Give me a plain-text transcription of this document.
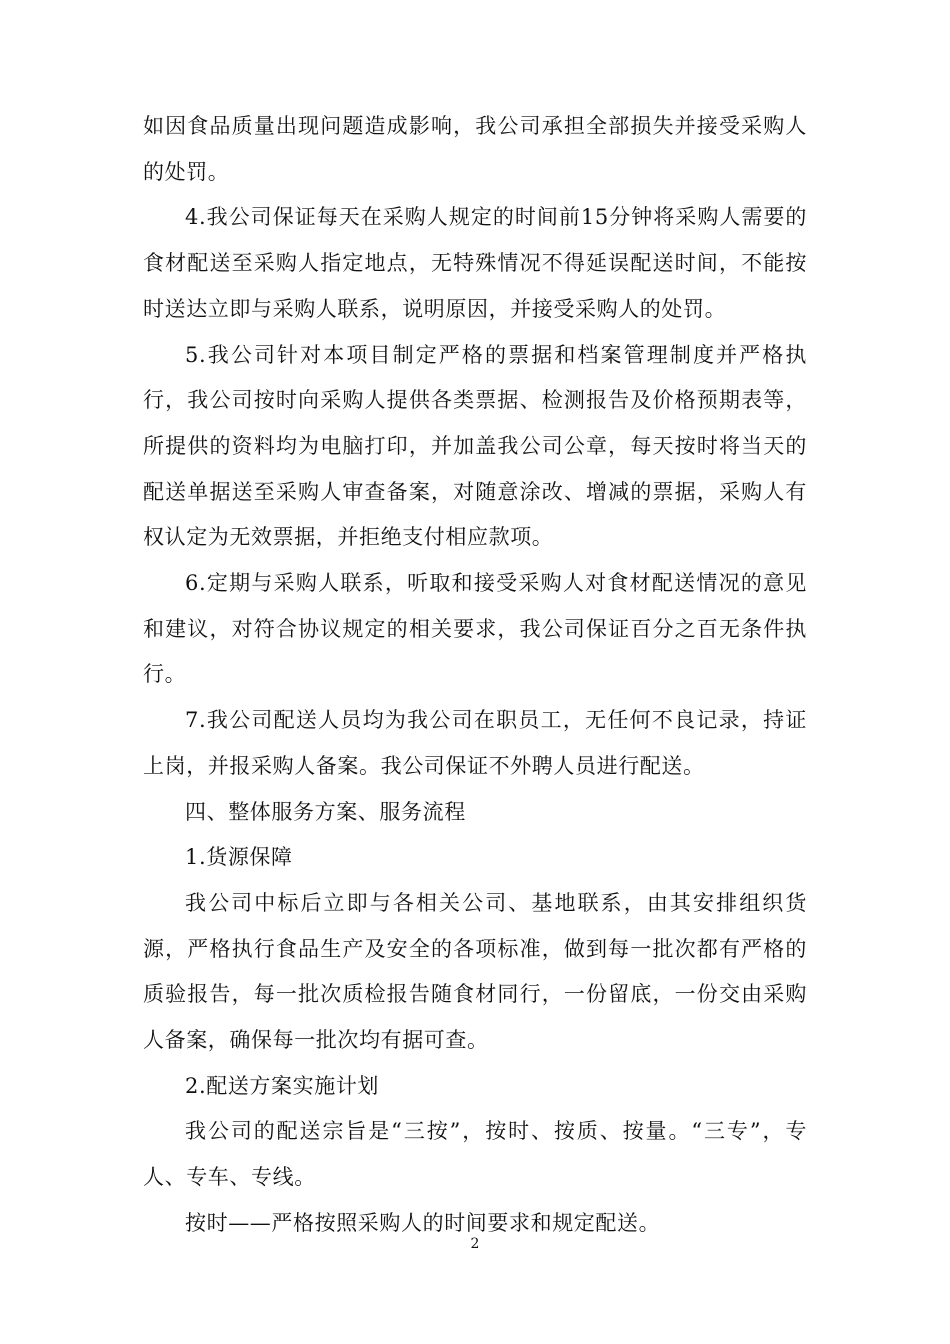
如因食品质量出现问题造成影响，我公司承担全部损失并接受采购人的处罚。

4.我公司保证每天在采购人规定的时间前15分钟将采购人需要的食材配送至采购人指定地点，无特殊情况不得延误配送时间，不能按时送达立即与采购人联系，说明原因，并接受采购人的处罚。

5.我公司针对本项目制定严格的票据和档案管理制度并严格执行，我公司按时向采购人提供各类票据、检测报告及价格预期表等，所提供的资料均为电脑打印，并加盖我公司公章，每天按时将当天的配送单据送至采购人审查备案，对随意涂改、增减的票据，采购人有权认定为无效票据，并拒绝支付相应款项。

6.定期与采购人联系，听取和接受采购人对食材配送情况的意见和建议，对符合协议规定的相关要求，我公司保证百分之百无条件执行。

7.我公司配送人员均为我公司在职员工，无任何不良记录，持证上岗，并报采购人备案。我公司保证不外聘人员进行配送。

四、整体服务方案、服务流程

1.货源保障

我公司中标后立即与各相关公司、基地联系，由其安排组织货源，严格执行食品生产及安全的各项标准，做到每一批次都有严格的质验报告，每一批次质检报告随食材同行，一份留底，一份交由采购人备案，确保每一批次均有据可查。

2.配送方案实施计划

我公司的配送宗旨是“三按”，按时、按质、按量。“三专”，专人、专车、专线。

按时——严格按照采购人的时间要求和规定配送。

2
